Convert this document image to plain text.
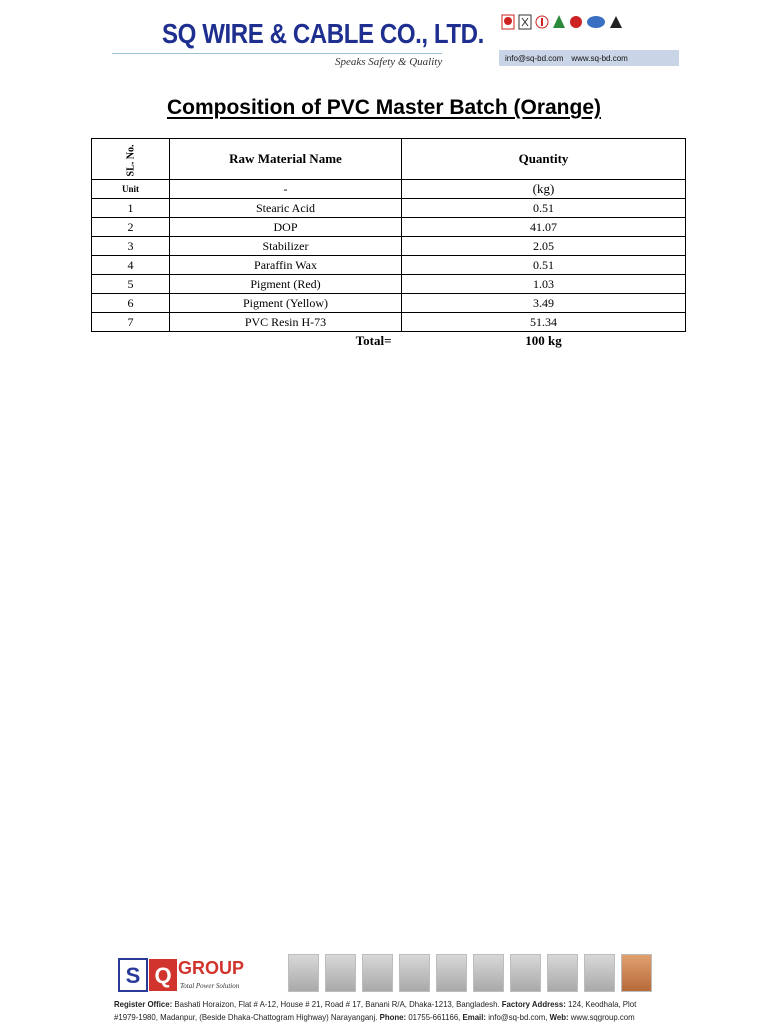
SQ WIRE & CABLE CO., LTD.
Speaks Safety & Quality	info@sq-bd.com www.sq-bd.com
Composition of PVC Master Batch (Orange)
SL. No.	Raw Material Name	Quantity
Unit	-	(kg)
1	Stearic Acid	0.51
2	DOP	41.07
3	Stabilizer	2.05
4	Paraffin Wax	0.51
5	Pigment (Red)	1.03
6	Pigment (Yellow)	3.49
7	PVC Resin H-73	51.34
Total=		100 kg
S Q GROUP
Total Power Solution
Register Office: Bashati Horaizon, Flat # A-12, House # 21, Road # 17, Banani R/A, Dhaka-1213, Bangladesh. Factory Address: 124, Keodhala, Plot
#1979-1980, Madanpur, (Beside Dhaka-Chattogram Highway) Narayanganj. Phone: 01755-661166, Email: info@sq-bd.com, Web: www.sqgroup.com
